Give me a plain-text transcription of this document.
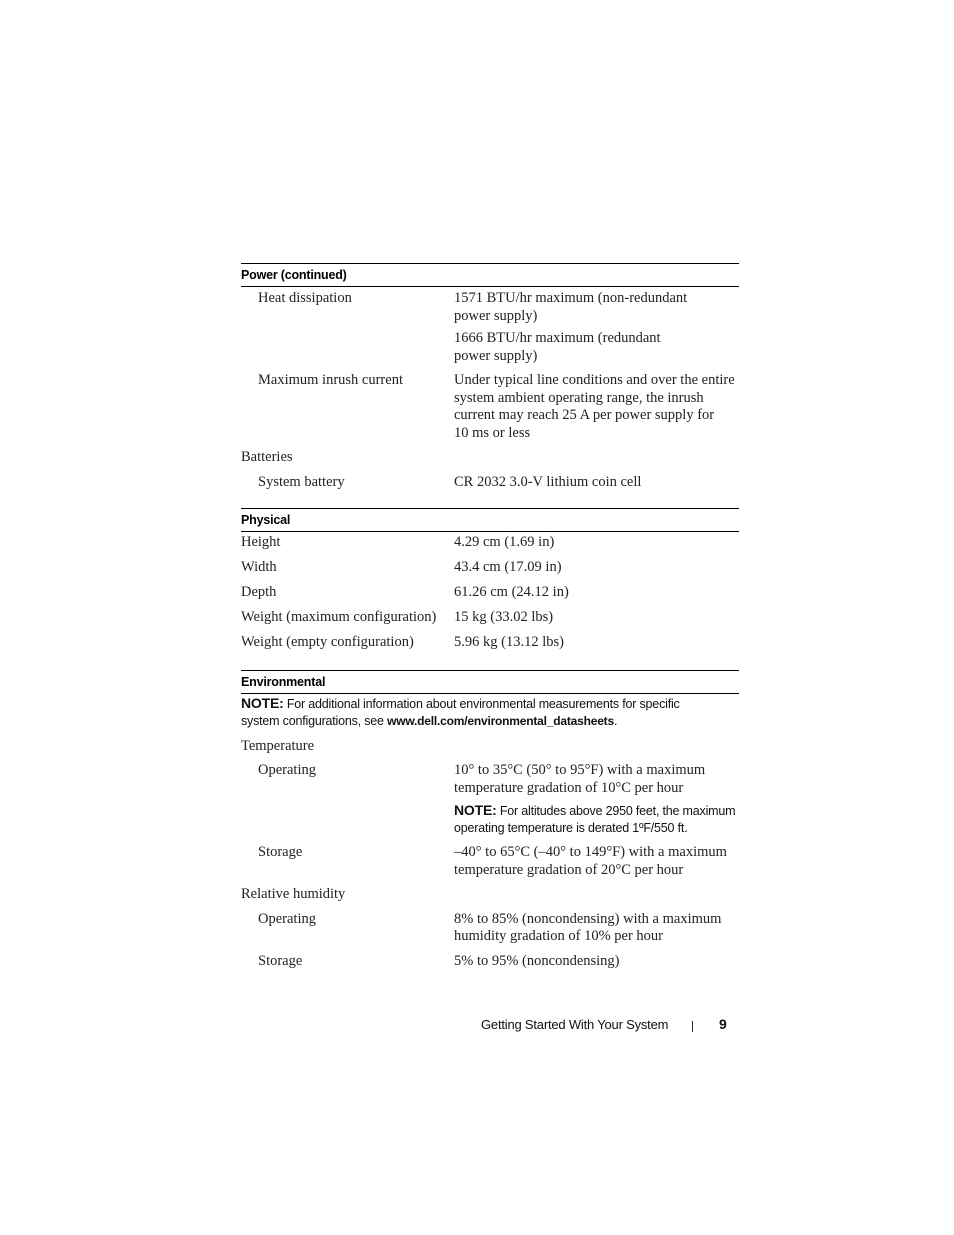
Power (continued)
Heat dissipation	1571 BTU/hr maximum (non-redundant

power supply)

1666 BTU/hr maximum (redundant

power supply)

Maximum inrush current	Under typical line conditions and over the entire

system ambient operating range, the inrush

current may reach 25 A per power supply for

10 ms or less

Batteries
System battery	CR 2032 3.0-V lithium coin cell
Physical
Height	4.29 cm (1.69 in)
Width	43.4 cm (17.09 in)
Depth	61.26 cm (24.12 in)
Weight (maximum configuration)	15 kg (33.02 lbs)
Weight (empty configuration)	5.96 kg (13.12 lbs)
Environmental
NOTE: For additional information about environmental measurements for specific
system configurations, see www.dell.com/environmental_datasheets.
Temperature
Operating	10° to 35°C (50° to 95°F) with a maximum

temperature gradation of 10°C per hour

NOTE: For altitudes above 2950 feet, the maximum
operating temperature is derated 1ºF/550 ft.
Storage	–40° to 65°C (–40° to 149°F) with a maximum

temperature gradation of 20°C per hour

Relative humidity
Operating	8% to 85% (noncondensing) with a maximum

humidity gradation of 10% per hour

Storage	5% to 95% (noncondensing)
Getting Started With Your System	9
